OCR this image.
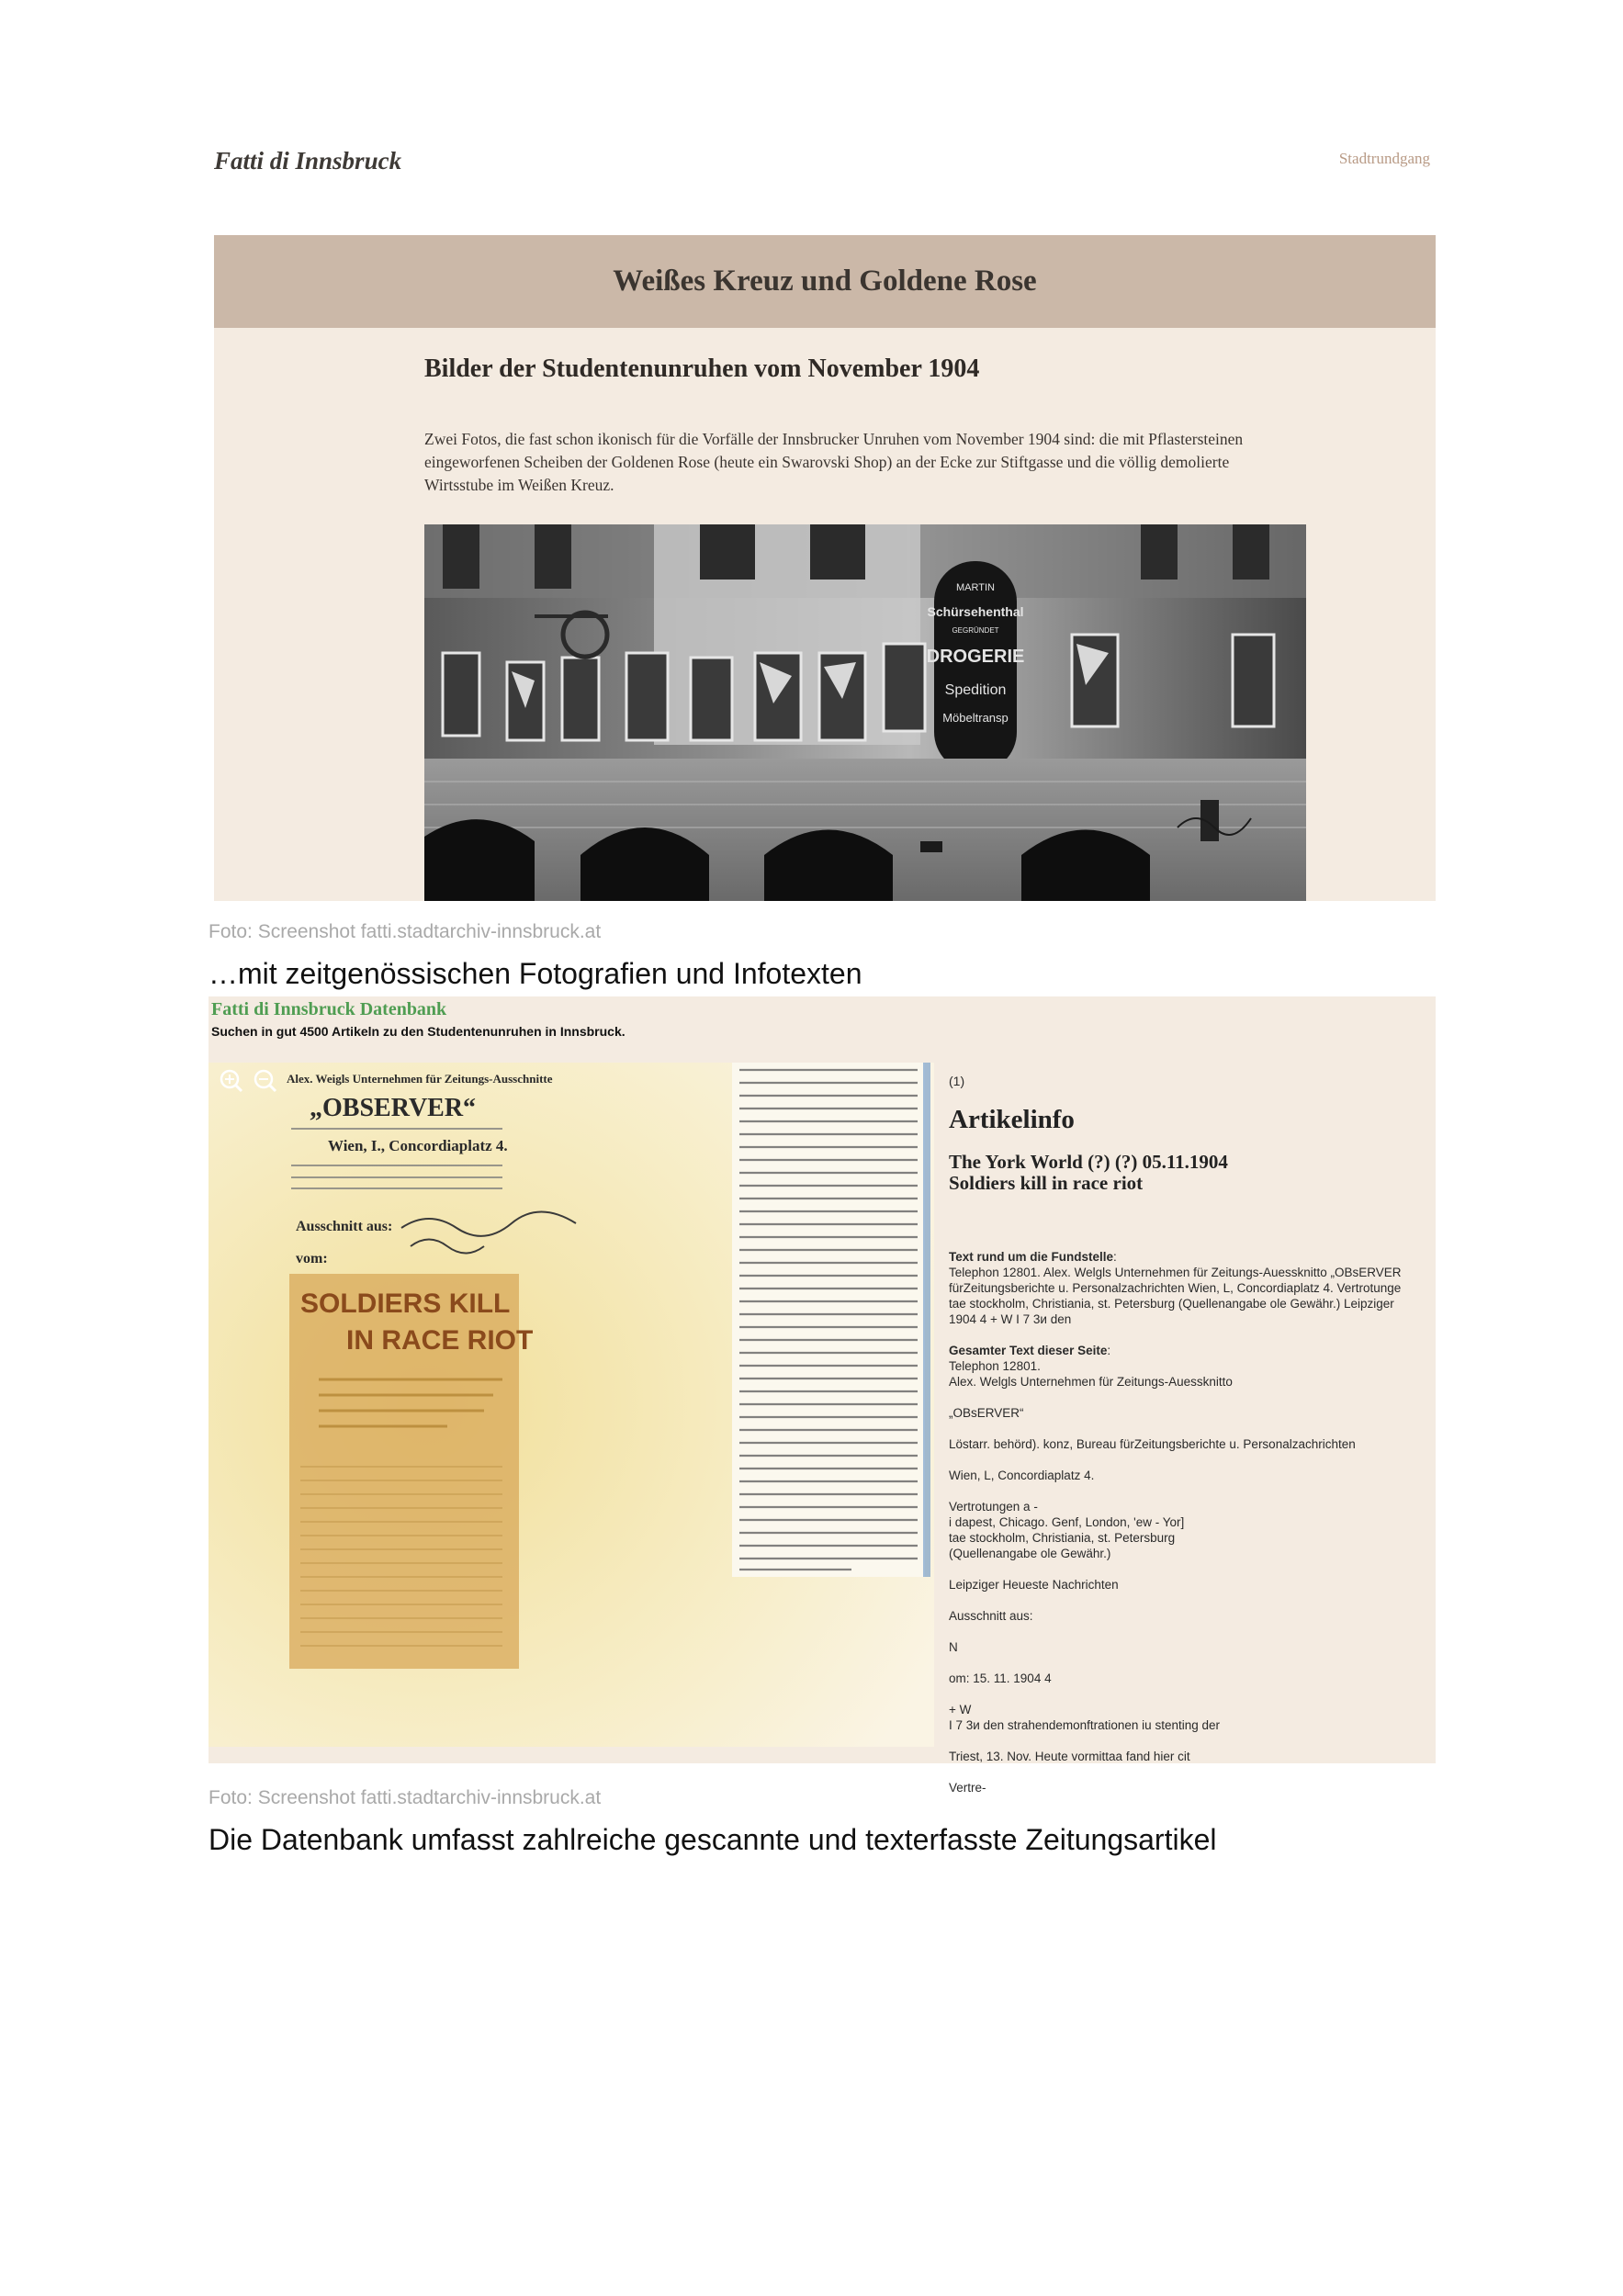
Fatti di Innsbruck	Stadtrundgang
Weißes Kreuz und Goldene Rose
Bilder der Studentenunruhen vom November 1904

Zwei Fotos, die fast schon ikonisch für die Vorfälle der Innsbrucker Unruhen vom November 1904 sind: die mit Pflastersteinen
eingeworfenen Scheiben der Goldenen Rose (heute ein Swarovski Shop) an der Ecke zur Stiftgasse und die völlig demolierte
Wirtsstube im Weißen Kreuz.

MARTIN
Schürsehenthal
GEGRÜNDET
DROGERIE
Spedition
Möbeltransp
Foto: Screenshot fatti.stadtarchiv-innsbruck.at
…mit zeitgenössischen Fotografien und Infotexten
Fatti di Innsbruck Datenbank
Suchen in gut 4500 Artikeln zu den Studentenunruhen in Innsbruck.
Alex. Weigls Unternehmen für Zeitungs-Ausschnitte
„OBSERVER“
Wien, I., Concordiaplatz 4.
Ausschnitt aus:
vom:
SOLDIERS KILL
IN RACE RIOT
(1)
Artikelinfo
The York World (?) (?) 05.11.1904
Soldiers kill in race riot
Text rund um die Fundstelle:
Telephon 12801. Alex. Welgls Unternehmen für Zeitungs-Auessknitto „OBsERVER
fürZeitungsberichte u. Personalzachrichten Wien, L, Concordiaplatz 4. Vertrotunge
tae stockholm, Christiania, st. Petersburg (Quellenangabe ole Gewähr.) Leipziger
1904 4 + W I 7 3и den
Gesamter Text dieser Seite:
Telephon 12801.
Alex. Welgls Unternehmen für Zeitungs-Auessknitto
„OBsERVER“
Löstarr. behörd). konz, Bureau fürZeitungsberichte u. Personalzachrichten
Wien, L, Concordiaplatz 4.
Vertrotungen a -
i dapest, Chicago. Genf, London, 'ew - Yor]
tae stockholm, Christiania, st. Petersburg
(Quellenangabe ole Gewähr.)
Leipziger Heueste Nachrichten
Ausschnitt aus:
N
om: 15. 11. 1904 4
+ W
I 7 3и den strahendemonftrationen iu stenting der
Triest, 13. Nov. Heute vormittaa fand hier cit
Vertre-
Foto: Screenshot fatti.stadtarchiv-innsbruck.at
Die Datenbank umfasst zahlreiche gescannte und texterfasste Zeitungsartikel
